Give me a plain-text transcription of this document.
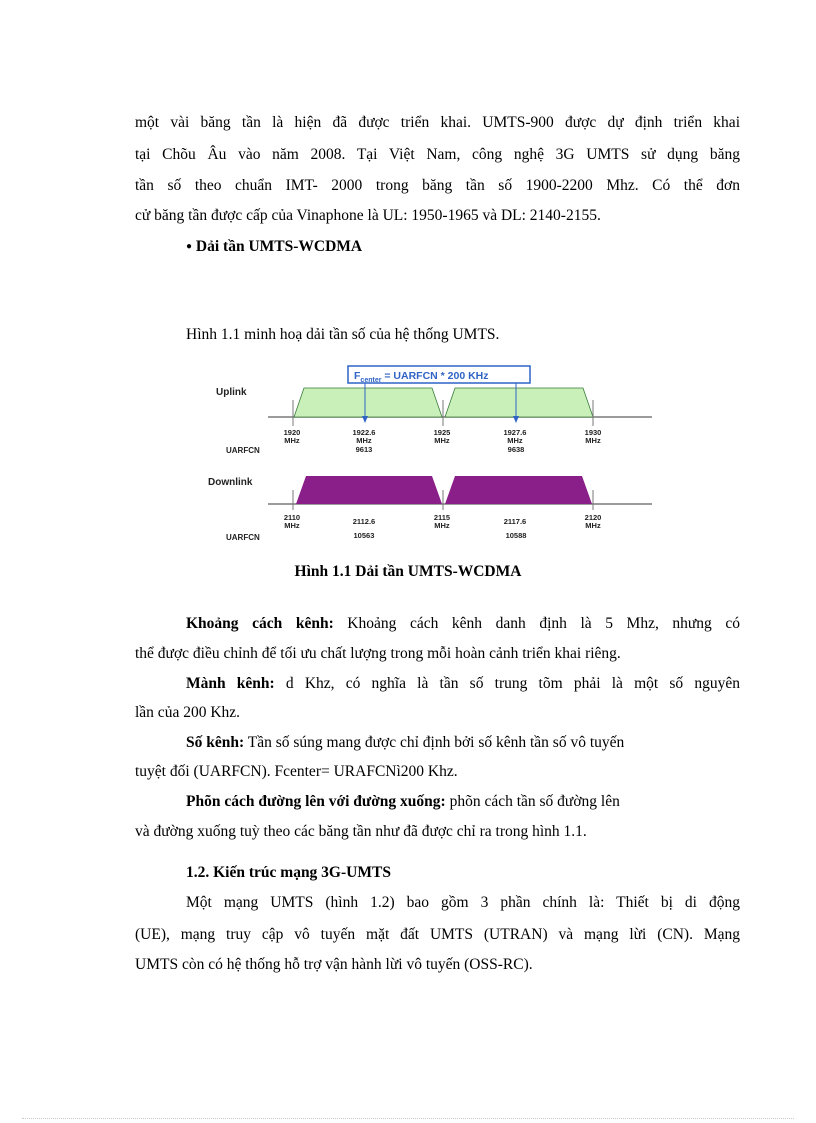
một vài băng tần là hiện đã được triển khai. UMTS-900 được dự định triển khai
tại Chõu Âu vào năm 2008. Tại Việt Nam, công nghệ 3G UMTS sử dụng băng
tần số theo chuẩn IMT- 2000 trong băng tần số 1900-2200 Mhz. Có thể đơn
cử băng tần được cấp của Vinaphone là UL: 1950-1965 và DL: 2140-2155.
● Dải tần UMTS-WCDMA
Hình 1.1 minh hoạ dải tần số của hệ thống UMTS.
$F_{center}$ = UARFCN * 200 KHz
Uplink
1920	1922.6	1925	1927.6	1930
MHz	MHz	MHz	MHz	MHz
UARFCN	9613	9638
Downlink
2110	2112.6	2115	2117.6	2120
MHz	MHz	MHz
UARFCN	10563	10588
Hình 1.1 Dải tần UMTS-WCDMA
Khoảng cách kênh: Khoảng cách kênh danh định là 5 Mhz, nhưng có
thể được điều chỉnh để tối ưu chất lượng trong mỗi hoàn cảnh triển khai riêng.
Mành kênh: d Khz, có nghĩa là tần số trung tõm phải là một số nguyên
lần của 200 Khz.
Số kênh: Tần số súng mang được chỉ định bởi số kênh tần số vô tuyến
tuyệt đối (UARFCN). Fcenter= URAFCNì200 Khz.
Phõn cách đường lên với đường xuống: phõn cách tần số đường lên
và đường xuống tuỳ theo các băng tần như đã được chỉ ra trong hình 1.1.
1.2. Kiến trúc mạng 3G-UMTS
Một mạng UMTS (hình 1.2) bao gồm 3 phần chính là: Thiết bị di động
(UE), mạng truy cập vô tuyến mặt đất UMTS (UTRAN) và mạng lừi (CN). Mạng
UMTS còn có hệ thống hỗ trợ vận hành lừi vô tuyến (OSS-RC).
